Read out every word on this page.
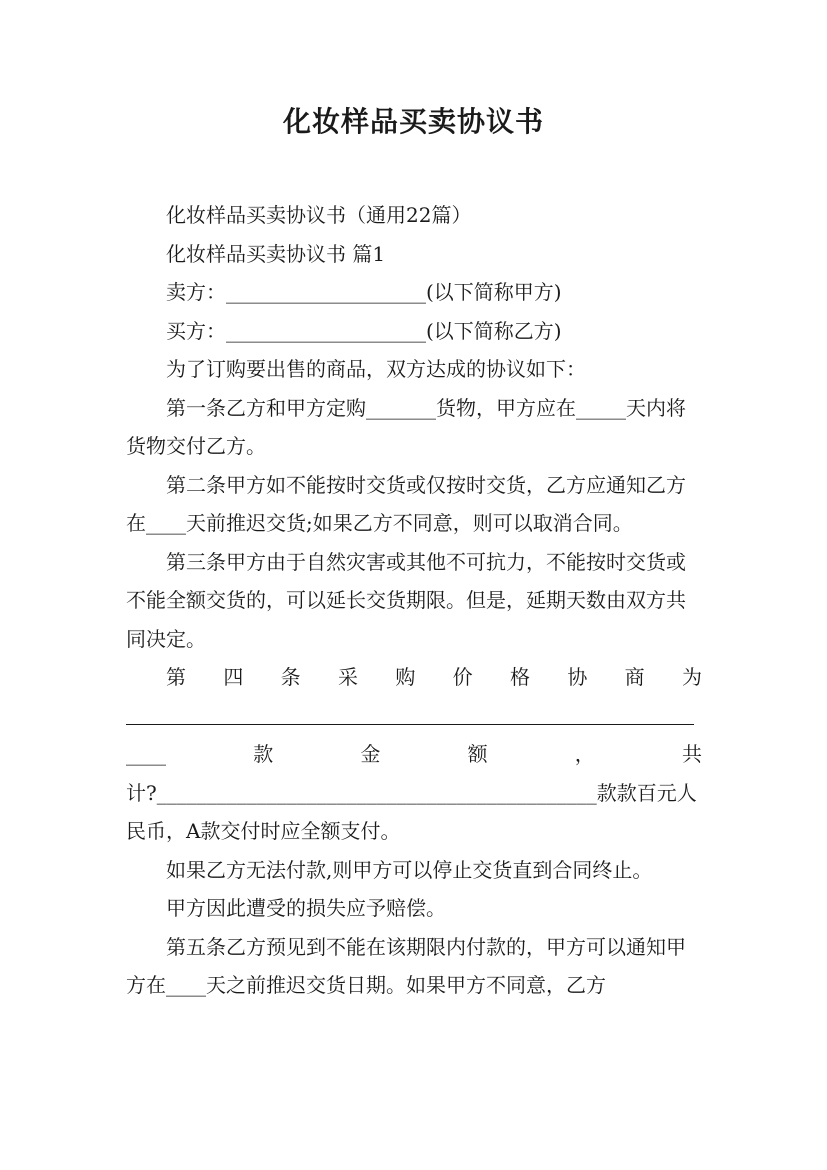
化妆样品买卖协议书

化妆样品买卖协议书（通用22篇）

化妆样品买卖协议书 篇1

卖方：____________________(以下简称甲方)

买方：____________________(以下简称乙方)

为了订购要出售的商品，双方达成的协议如下：

第一条乙方和甲方定购_______货物，甲方应在_____天内将货物交付乙方。

第二条甲方如不能按时交货或仅按时交货，乙方应通知乙方在____天前推迟交货;如果乙方不同意，则可以取消合同。

第三条甲方由于自然灾害或其他不可抗力，不能按时交货或不能全额交货的，可以延长交货期限。但是，延期天数由双方共同决定。

第四条采购价格协商为

____款金额，共

计?____________________________________________款款百元人民币，A款交付时应全额支付。

如果乙方无法付款,则甲方可以停止交货直到合同终止。

甲方因此遭受的损失应予赔偿。

第五条乙方预见到不能在该期限内付款的，甲方可以通知甲方在____天之前推迟交货日期。如果甲方不同意，乙方
